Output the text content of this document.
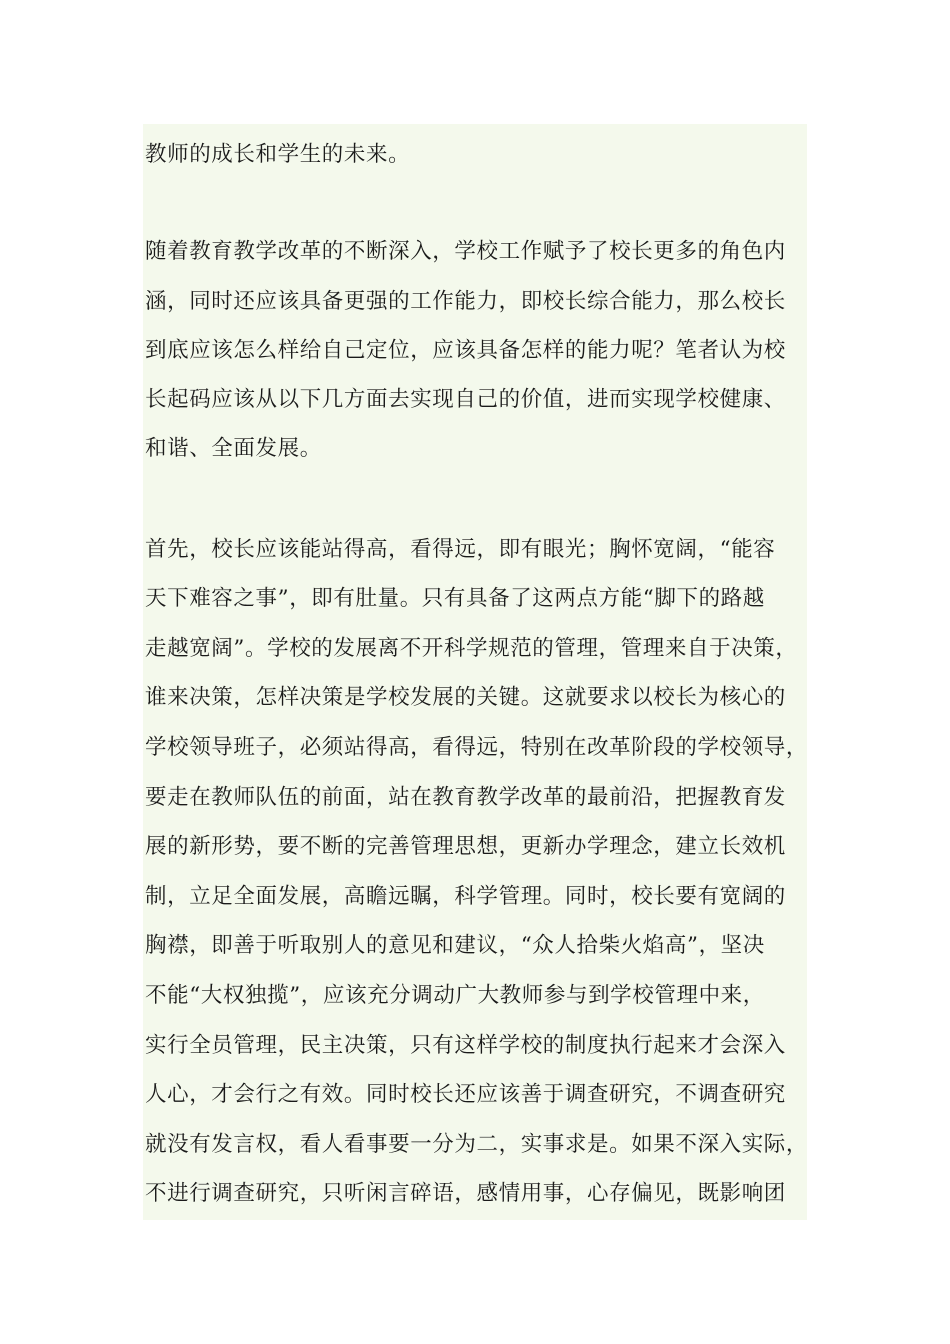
教师的成长和学生的未来。
随着教育教学改革的不断深入，学校工作赋予了校长更多的角色内
涵，同时还应该具备更强的工作能力，即校长综合能力，那么校长
到底应该怎么样给自己定位，应该具备怎样的能力呢？笔者认为校
长起码应该从以下几方面去实现自己的价值，进而实现学校健康、
和谐、全面发展。
首先，校长应该能站得高，看得远，即有眼光；胸怀宽阔，“能容
天下难容之事”，即有肚量。只有具备了这两点方能“脚下的路越
走越宽阔”。学校的发展离不开科学规范的管理，管理来自于决策，
谁来决策，怎样决策是学校发展的关键。这就要求以校长为核心的
学校领导班子，必须站得高，看得远，特别在改革阶段的学校领导，
要走在教师队伍的前面，站在教育教学改革的最前沿，把握教育发
展的新形势，要不断的完善管理思想，更新办学理念，建立长效机
制，立足全面发展，高瞻远瞩，科学管理。同时，校长要有宽阔的
胸襟，即善于听取别人的意见和建议，“众人拾柴火焰高”，坚决
不能“大权独揽”，应该充分调动广大教师参与到学校管理中来，
实行全员管理，民主决策，只有这样学校的制度执行起来才会深入
人心，才会行之有效。同时校长还应该善于调查研究，不调查研究
就没有发言权，看人看事要一分为二，实事求是。如果不深入实际，
不进行调查研究，只听闲言碎语，感情用事，心存偏见，既影响团
